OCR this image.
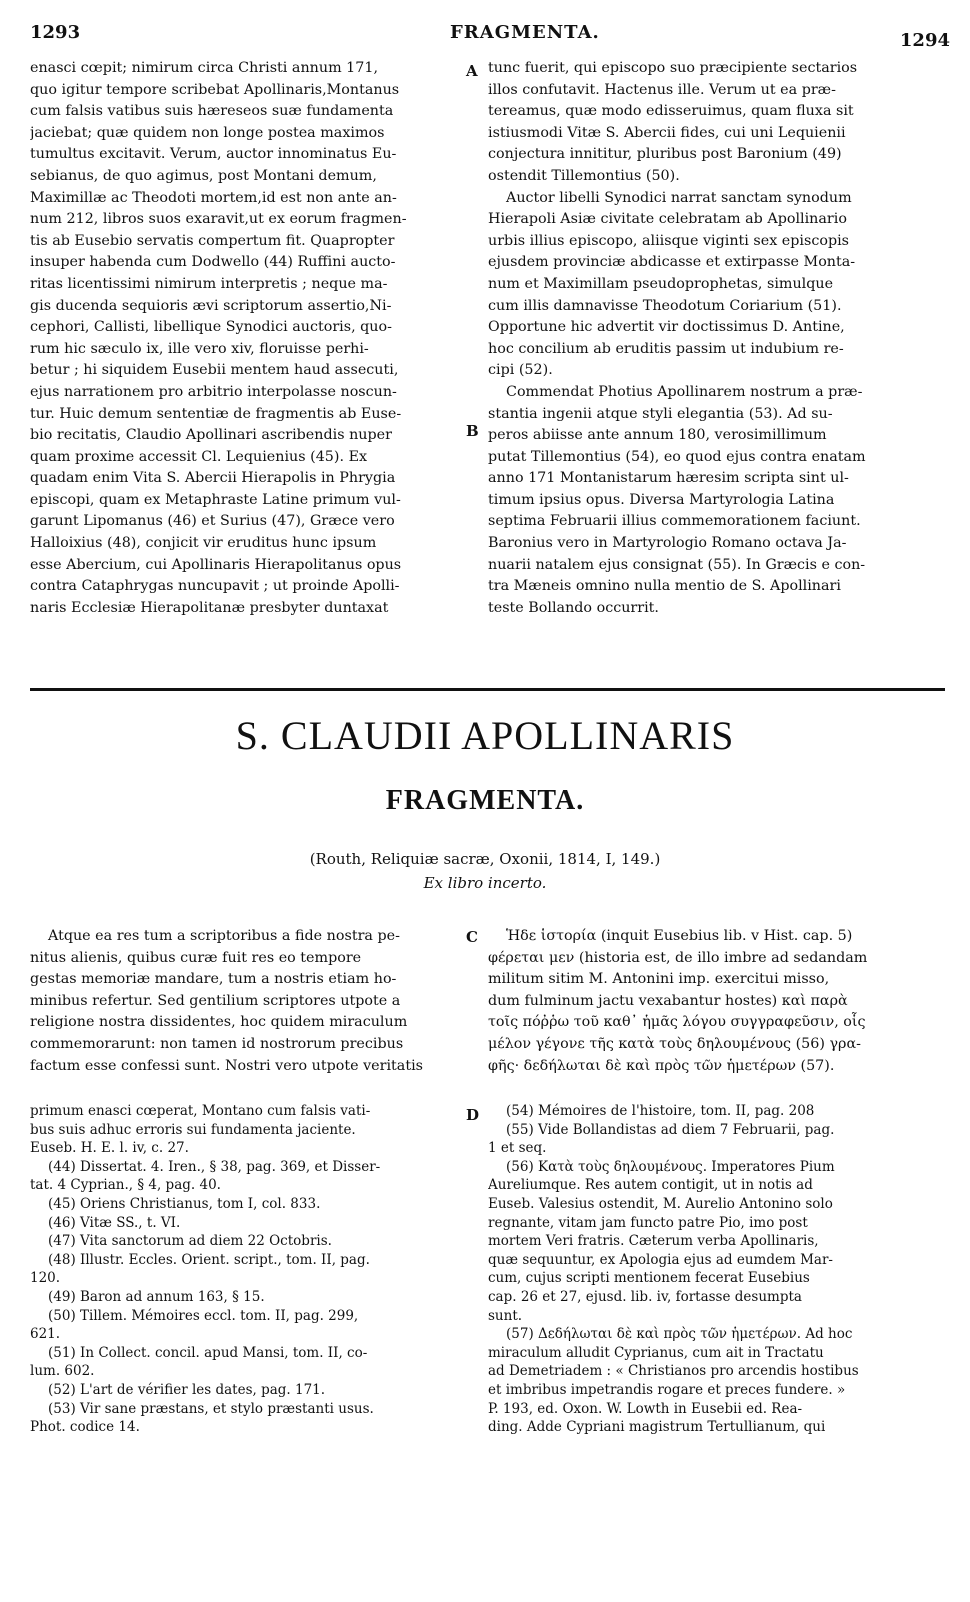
1293	FRAGMENTA.	1294
enasci cœpit; nimirum circa Christi annum 171,
quo igitur tempore scribebat Apollinaris,Montanus
cum falsis vatibus suis hæreseos suæ fundamenta
jaciebat; quæ quidem non longe postea maximos
tumultus excitavit. Verum, auctor innominatus Eu-
sebianus, de quo agimus, post Montani demum,
Maximillæ ac Theodoti mortem,id est non ante an-
num 212, libros suos exaravit,ut ex eorum fragmen-
tis ab Eusebio servatis compertum fit. Quapropter
insuper habenda cum Dodwello (44) Ruffini aucto-
ritas licentissimi nimirum interpretis ; neque ma-
gis ducenda sequioris ævi scriptorum assertio,Ni-
cephori, Callisti, libellique Synodici auctoris, quo-
rum hic sæculo ix, ille vero xiv, floruisse perhi-
betur ; hi siquidem Eusebii mentem haud assecuti,
ejus narrationem pro arbitrio interpolasse noscun-
tur. Huic demum sententiæ de fragmentis ab Euse-
bio recitatis, Claudio Apollinari ascribendis nuper
quam proxime accessit Cl. Lequienius (45). Ex
quadam enim Vita S. Abercii Hierapolis in Phrygia
episcopi, quam ex Metaphraste Latine primum vul-
garunt Lipomanus (46) et Surius (47), Græce vero
Halloixius (48), conjicit vir eruditus hunc ipsum
esse Abercium, cui Apollinaris Hierapolitanus opus
contra Cataphrygas nuncupavit ; ut proinde Apolli-
naris Ecclesiæ Hierapolitanæ presbyter duntaxat
A tunc fuerit, qui episcopo suo præcipiente sectarios
illos confutavit. Hactenus ille. Verum ut ea præ-
tereamus, quæ modo edisseruimus, quam fluxa sit
istiusmodi Vitæ S. Abercii fides, cui uni Lequienii
conjectura innititur, pluribus post Baronium (49)
ostendit Tillemontius (50).
Auctor libelli Synodici narrat sanctam synodum
Hierapoli Asiæ civitate celebratam ab Apollinario
urbis illius episcopo, aliisque viginti sex episcopis
ejusdem provinciæ abdicasse et extirpasse Monta-
num et Maximillam pseudoprophetas, simulque
cum illis damnavisse Theodotum Coriarium (51).
Opportune hic advertit vir doctissimus D. Antine,
hoc concilium ab eruditis passim ut indubium re-
cipi (52).
Commendat Photius Apollinarem nostrum a præ-
stantia ingenii atque styli elegantia (53). Ad su-
peros abiisse ante annum 180, verosimillimum
putat Tillemontius (54), eo quod ejus contra enatam
anno 171 Montanistarum hæresim scripta sint ul-
timum ipsius opus. Diversa Martyrologia Latina
septima Februarii illius commemorationem faciunt.
Baronius vero in Martyrologio Romano octava Ja-
nuarii natalem ejus consignat (55). In Græcis e con-
tra Mæneis omnino nulla mentio de S. Apollinari
teste Bollando occurrit.
B
S. CLAUDII APOLLINARIS
FRAGMENTA.
(Routh, Reliquiæ sacræ, Oxonii, 1814, I, 149.)
Ex libro incerto.
Atque ea res tum a scriptoribus a fide nostra pe-
nitus alienis, quibus curæ fuit res eo tempore
gestas memoriæ mandare, tum a nostris etiam ho-
minibus refertur. Sed gentilium scriptores utpote a
religione nostra dissidentes, hoc quidem miraculum
commemorarunt: non tamen id nostrorum precibus
factum esse confessi sunt. Nostri vero utpote veritatis
C	Ἡδε ἱστορία (inquit Eusebius lib. v Hist. cap. 5)
φέρεται μεν (historia est, de illo imbre ad sedandam
militum sitim M. Antonini imp. exercitui misso,
dum fulminum jactu vexabantur hostes) καὶ παρὰ
τοῖς πόῤῥω τοῦ καθ᾽ ἡμᾶς λόγου συγγραφεῦσιν, οἷς
μέλον γέγονε τῆς κατὰ τοὺς δηλουμένους (56) γρα-
φῆς· δεδήλωται δὲ καὶ πρὸς τῶν ἡμετέρων (57).
primum enasci cœperat, Montano cum falsis vati-
bus suis adhuc erroris sui fundamenta jaciente.
Euseb. H. E. l. iv, c. 27.
(44) Dissertat. 4. Iren., § 38, pag. 369, et Disser-
tat. 4 Cyprian., § 4, pag. 40.
(45) Oriens Christianus, tom I, col. 833.
(46) Vitæ SS., t. VI.
(47) Vita sanctorum ad diem 22 Octobris.
(48) Illustr. Eccles. Orient. script., tom. II, pag.
120.
(49) Baron ad annum 163, § 15.
(50) Tillem. Mémoires eccl. tom. II, pag. 299,
621.
(51) In Collect. concil. apud Mansi, tom. II, co-
lum. 602.
(52) L'art de vérifier les dates, pag. 171.
(53) Vir sane præstans, et stylo præstanti usus.
Phot. codice 14.
D	(54) Mémoires de l'histoire, tom. II, pag. 208
(55) Vide Bollandistas ad diem 7 Februarii, pag.
1 et seq.
(56) Κατὰ τοὺς δηλουμένους. Imperatores Pium
Aureliumque. Res autem contigit, ut in notis ad
Euseb. Valesius ostendit, M. Aurelio Antonino solo
regnante, vitam jam functo patre Pio, imo post
mortem Veri fratris. Cæterum verba Apollinaris,
quæ sequuntur, ex Apologia ejus ad eumdem Mar-
cum, cujus scripti mentionem fecerat Eusebius
cap. 26 et 27, ejusd. lib. iv, fortasse desumpta
sunt.
(57) Δεδήλωται δὲ καὶ πρὸς τῶν ἡμετέρων. Ad hoc
miraculum alludit Cyprianus, cum ait in Tractatu
ad Demetriadem : « Christianos pro arcendis hostibus
et imbribus impetrandis rogare et preces fundere. »
P. 193, ed. Oxon. W. Lowth in Eusebii ed. Rea-
ding. Adde Cypriani magistrum Tertullianum, qui
